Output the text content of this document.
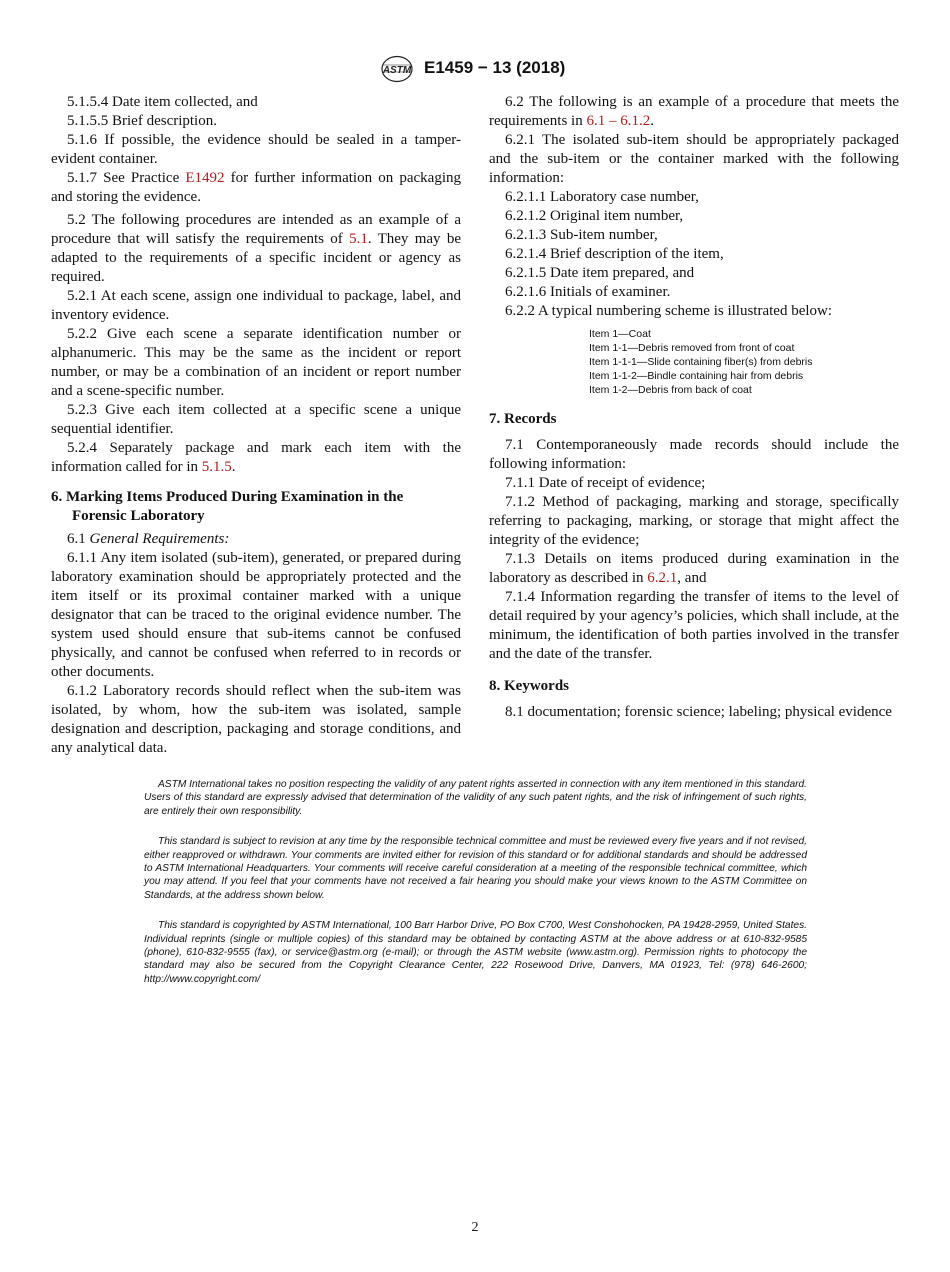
ASTM E1459 − 13 (2018)

5.1.5.4 Date item collected, and

5.1.5.5 Brief description.

5.1.6 If possible, the evidence should be sealed in a tamper-evident container.

5.1.7 See Practice E1492 for further information on packaging and storing the evidence.

5.2 The following procedures are intended as an example of a procedure that will satisfy the requirements of 5.1. They may be adapted to the requirements of a specific incident or agency as required.

5.2.1 At each scene, assign one individual to package, label, and inventory evidence.

5.2.2 Give each scene a separate identification number or alphanumeric. This may be the same as the incident or report number, or may be a combination of an incident or report number and a scene-specific number.

5.2.3 Give each item collected at a specific scene a unique sequential identifier.

5.2.4 Separately package and mark each item with the information called for in 5.1.5.

6. Marking Items Produced During Examination in the Forensic Laboratory

6.1 General Requirements:

6.1.1 Any item isolated (sub-item), generated, or prepared during laboratory examination should be appropriately protected and the item itself or its proximal container marked with a unique designator that can be traced to the original evidence number. The system used should ensure that sub-items cannot be confused physically, and cannot be confused when referred to in records or other documents.

6.1.2 Laboratory records should reflect when the sub-item was isolated, by whom, how the sub-item was isolated, sample designation and description, packaging and storage conditions, and any analytical data.

6.2 The following is an example of a procedure that meets the requirements in 6.1 – 6.1.2.

6.2.1 The isolated sub-item should be appropriately packaged and the sub-item or the container marked with the following information:

6.2.1.1 Laboratory case number,

6.2.1.2 Original item number,

6.2.1.3 Sub-item number,

6.2.1.4 Brief description of the item,

6.2.1.5 Date item prepared, and

6.2.1.6 Initials of examiner.

6.2.2 A typical numbering scheme is illustrated below:

Item 1—Coat
Item 1-1—Debris removed from front of coat
Item 1-1-1—Slide containing fiber(s) from debris
Item 1-1-2—Bindle containing hair from debris
Item 1-2—Debris from back of coat

7. Records

7.1 Contemporaneously made records should include the following information:

7.1.1 Date of receipt of evidence;

7.1.2 Method of packaging, marking and storage, specifically referring to packaging, marking, or storage that might affect the integrity of the evidence;

7.1.3 Details on items produced during examination in the laboratory as described in 6.2.1, and

7.1.4 Information regarding the transfer of items to the level of detail required by your agency’s policies, which shall include, at the minimum, the identification of both parties involved in the transfer and the date of the transfer.

8. Keywords

8.1 documentation; forensic science; labeling; physical evidence

ASTM International takes no position respecting the validity of any patent rights asserted in connection with any item mentioned in this standard. Users of this standard are expressly advised that determination of the validity of any such patent rights, and the risk of infringement of such rights, are entirely their own responsibility.

This standard is subject to revision at any time by the responsible technical committee and must be reviewed every five years and if not revised, either reapproved or withdrawn. Your comments are invited either for revision of this standard or for additional standards and should be addressed to ASTM International Headquarters. Your comments will receive careful consideration at a meeting of the responsible technical committee, which you may attend. If you feel that your comments have not received a fair hearing you should make your views known to the ASTM Committee on Standards, at the address shown below.

This standard is copyrighted by ASTM International, 100 Barr Harbor Drive, PO Box C700, West Conshohocken, PA 19428-2959, United States. Individual reprints (single or multiple copies) of this standard may be obtained by contacting ASTM at the above address or at 610-832-9585 (phone), 610-832-9555 (fax), or service@astm.org (e-mail); or through the ASTM website (www.astm.org). Permission rights to photocopy the standard may also be secured from the Copyright Clearance Center, 222 Rosewood Drive, Danvers, MA 01923, Tel: (978) 646-2600; http://www.copyright.com/

2
